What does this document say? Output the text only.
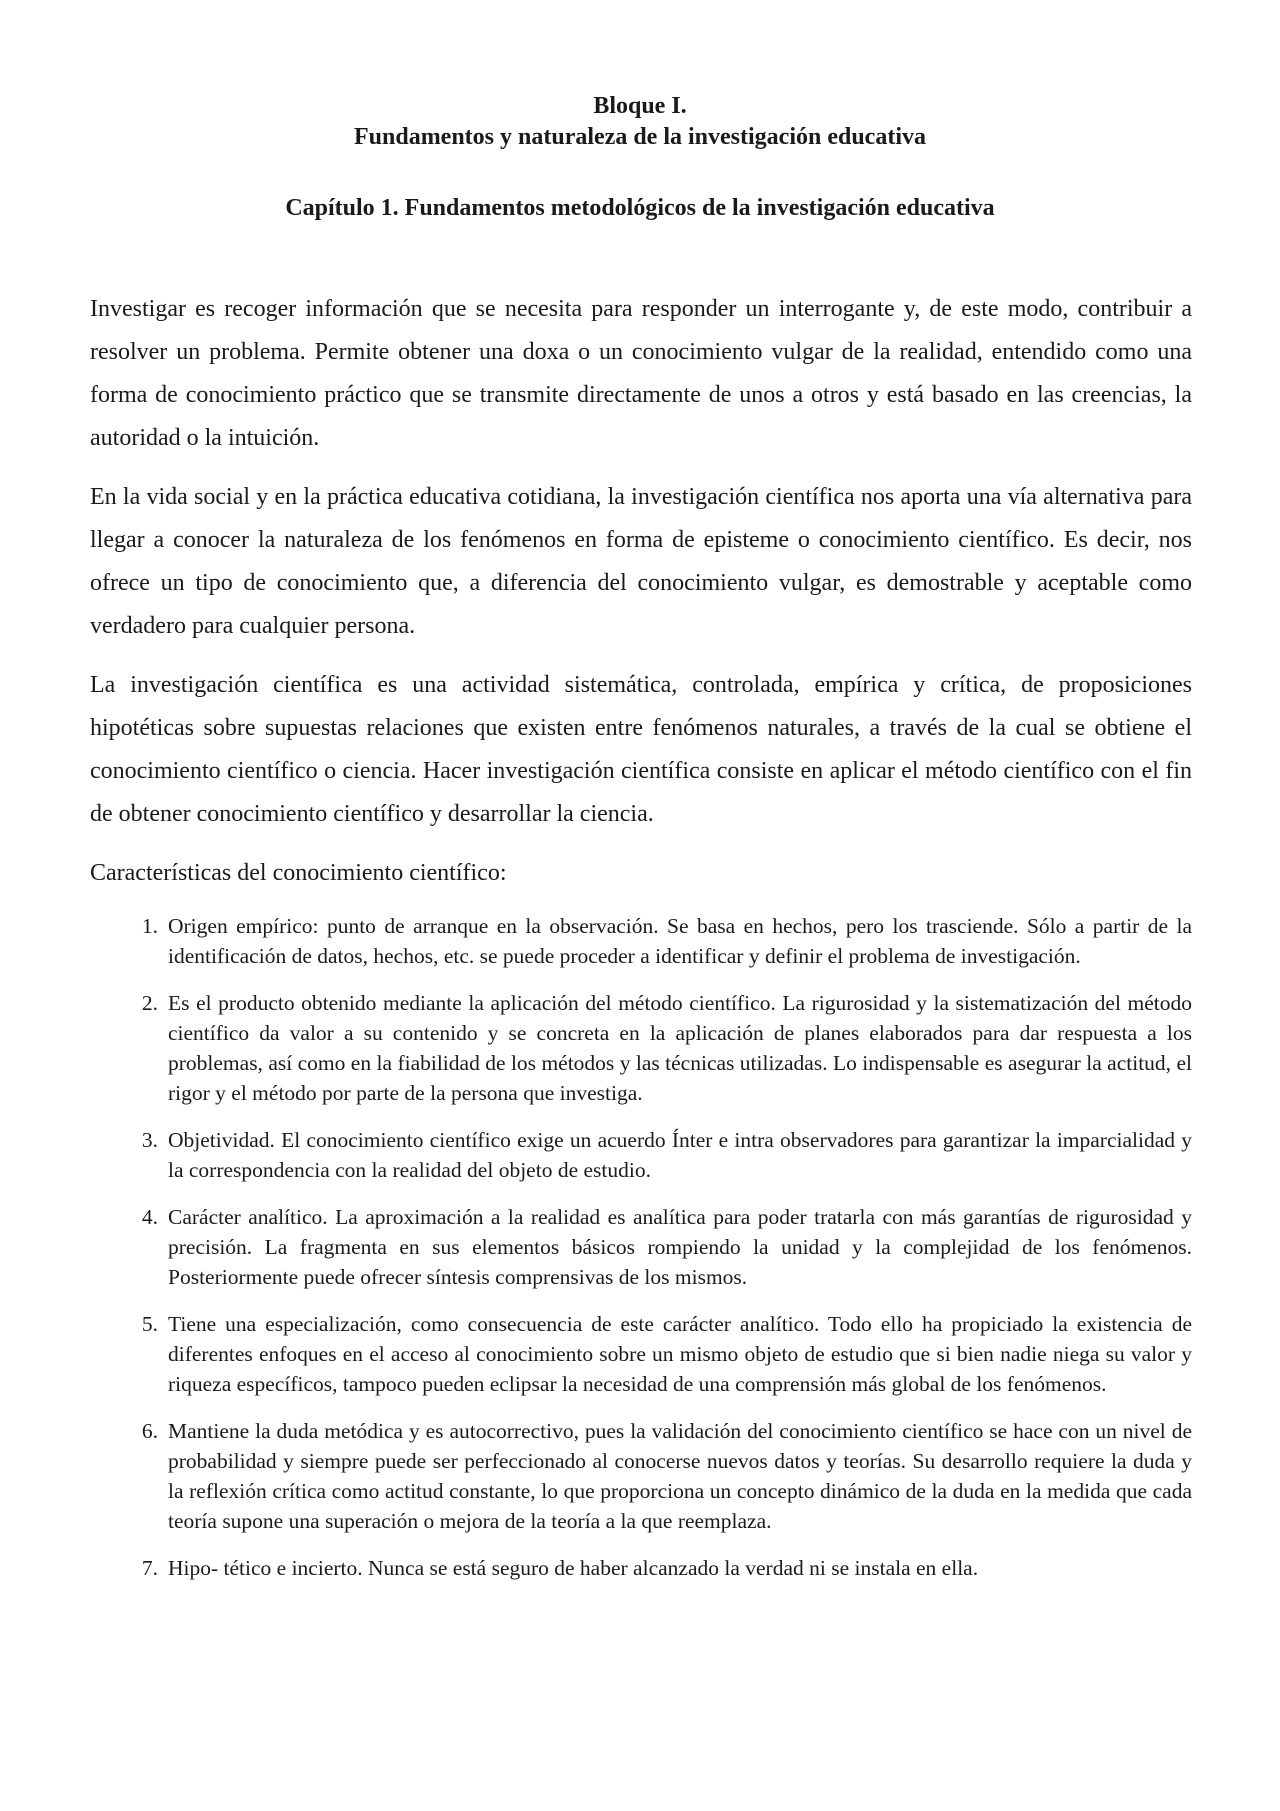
Bloque I.
Fundamentos y naturaleza de la investigación educativa
Capítulo 1. Fundamentos metodológicos de la investigación educativa

Investigar es recoger información que se necesita para responder un interrogante y, de este modo, contribuir a resolver un problema. Permite obtener una doxa o un conocimiento vulgar de la realidad, entendido como una forma de conocimiento práctico que se transmite directamente de unos a otros y está basado en las creencias, la autoridad o la intuición.

En la vida social y en la práctica educativa cotidiana, la investigación científica nos aporta una vía alternativa para llegar a conocer la naturaleza de los fenómenos en forma de episteme o conocimiento científico. Es decir, nos ofrece un tipo de conocimiento que, a diferencia del conocimiento vulgar, es demostrable y aceptable como verdadero para cualquier persona.

La investigación científica es una actividad sistemática, controlada, empírica y crítica, de proposiciones hipotéticas sobre supuestas relaciones que existen entre fenómenos naturales, a través de la cual se obtiene el conocimiento científico o ciencia. Hacer investigación científica consiste en aplicar el método científico con el fin de obtener conocimiento científico y desarrollar la ciencia.

Características del conocimiento científico:

1. Origen empírico: punto de arranque en la observación. Se basa en hechos, pero los trasciende. Sólo a partir de la identificación de datos, hechos, etc. se puede proceder a identificar y definir el problema de investigación.
2. Es el producto obtenido mediante la aplicación del método científico. La rigurosidad y la sistematización del método científico da valor a su contenido y se concreta en la aplicación de planes elaborados para dar respuesta a los problemas, así como en la fiabilidad de los métodos y las técnicas utilizadas. Lo indispensable es asegurar la actitud, el rigor y el método por parte de la persona que investiga.
3. Objetividad. El conocimiento científico exige un acuerdo Ínter e intra observadores para garantizar la imparcialidad y la correspondencia con la realidad del objeto de estudio.
4. Carácter analítico. La aproximación a la realidad es analítica para poder tratarla con más garantías de rigurosidad y precisión. La fragmenta en sus elementos básicos rompiendo la unidad y la complejidad de los fenómenos. Posteriormente puede ofrecer síntesis comprensivas de los mismos.
5. Tiene una especialización, como consecuencia de este carácter analítico. Todo ello ha propiciado la existencia de diferentes enfoques en el acceso al conocimiento sobre un mismo objeto de estudio que si bien nadie niega su valor y riqueza específicos, tampoco pueden eclipsar la necesidad de una comprensión más global de los fenómenos.
6. Mantiene la duda metódica y es autocorrectivo, pues la validación del conocimiento científico se hace con un nivel de probabilidad y siempre puede ser perfeccionado al conocerse nuevos datos y teorías. Su desarrollo requiere la duda y la reflexión crítica como actitud constante, lo que proporciona un concepto dinámico de la duda en la medida que cada teoría supone una superación o mejora de la teoría a la que reemplaza.
7. Hipo- tético e incierto. Nunca se está seguro de haber alcanzado la verdad ni se instala en ella.
